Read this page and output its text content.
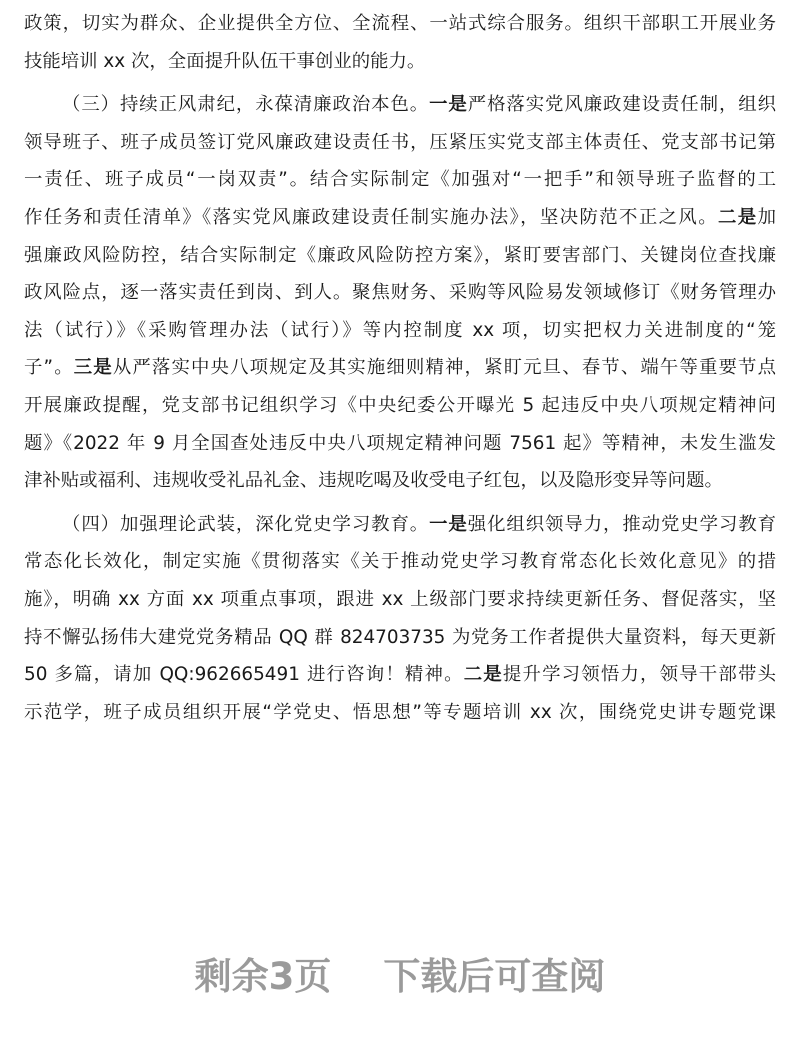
政策，切实为群众、企业提供全方位、全流程、一站式综合服务。组织干部职工开展业务
技能培训 xx 次，全面提升队伍干事创业的能力。
（三）持续正风肃纪，永葆清廉政治本色。一是严格落实党风廉政建设责任制，组织
领导班子、班子成员签订党风廉政建设责任书，压紧压实党支部主体责任、党支部书记第
一责任、班子成员“一岗双责”。结合实际制定《加强对“一把手”和领导班子监督的工
作任务和责任清单》《落实党风廉政建设责任制实施办法》，坚决防范不正之风。二是加
强廉政风险防控，结合实际制定《廉政风险防控方案》，紧盯要害部门、关键岗位查找廉
政风险点，逐一落实责任到岗、到人。聚焦财务、采购等风险易发领域修订《财务管理办
法（试行）》《采购管理办法（试行）》等内控制度 xx 项，切实把权力关进制度的“笼
子”。三是从严落实中央八项规定及其实施细则精神，紧盯元旦、春节、端午等重要节点
开展廉政提醒，党支部书记组织学习《中央纪委公开曝光 5 起违反中央八项规定精神问
题》《2022 年 9 月全国查处违反中央八项规定精神问题 7561 起》等精神，未发生滥发
津补贴或福利、违规收受礼品礼金、违规吃喝及收受电子红包，以及隐形变异等问题。
（四）加强理论武装，深化党史学习教育。一是强化组织领导力，推动党史学习教育
常态化长效化，制定实施《贯彻落实《关于推动党史学习教育常态化长效化意见》的措
施》，明确 xx 方面 xx 项重点事项，跟进 xx 上级部门要求持续更新任务、督促落实，坚
持不懈弘扬伟大建党党务精品 QQ 群 824703735 为党务工作者提供大量资料，每天更新
50 多篇，请加 QQ:962665491 进行咨询！精神。二是提升学习领悟力，领导干部带头
示范学，班子成员组织开展“学党史、悟思想”等专题培训 xx 次，围绕党史讲专题党课
剩余3页 下载后可查阅
